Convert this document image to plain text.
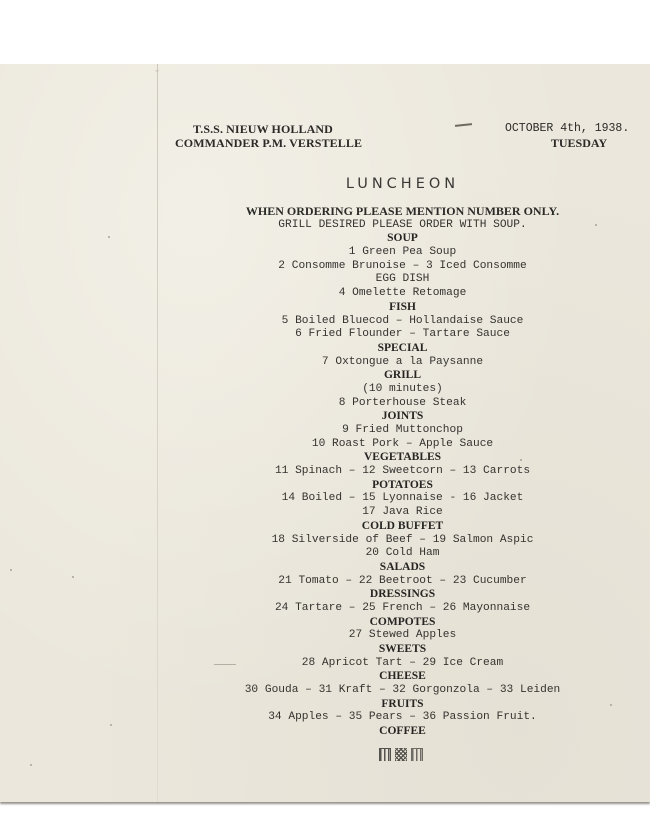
⌄
T.S.S. NIEUW HOLLAND
COMMANDER P.M. VERSTELLE
OCTOBER 4th, 1938.
TUESDAY
LUNCHEON
WHEN ORDERING PLEASE MENTION NUMBER ONLY.
GRILL DESIRED PLEASE ORDER WITH SOUP.
SOUP
1 Green Pea Soup
2 Consomme Brunoise – 3 Iced Consomme
EGG DISH
4 Omelette Retomage
FISH
5 Boiled Bluecod – Hollandaise Sauce
6 Fried Flounder – Tartare Sauce
SPECIAL
7 Oxtongue a la Paysanne
GRILL
(10 minutes)
8 Porterhouse Steak
JOINTS
9 Fried Muttonchop
10 Roast Pork – Apple Sauce
VEGETABLES
11 Spinach – 12 Sweetcorn – 13 Carrots
POTATOES
14 Boiled – 15 Lyonnaise - 16 Jacket
17 Java Rice
COLD BUFFET
18 Silverside of Beef – 19 Salmon Aspic
20 Cold Ham
SALADS
21 Tomato – 22 Beetroot – 23 Cucumber
DRESSINGS
24 Tartare – 25 French – 26 Mayonnaise
COMPOTES
27 Stewed Apples
SWEETS
28 Apricot Tart – 29 Ice Cream
CHEESE
30 Gouda – 31 Kraft – 32 Gorgonzola – 33 Leiden
FRUITS
34 Apples – 35 Pears – 36 Passion Fruit.
COFFEE
